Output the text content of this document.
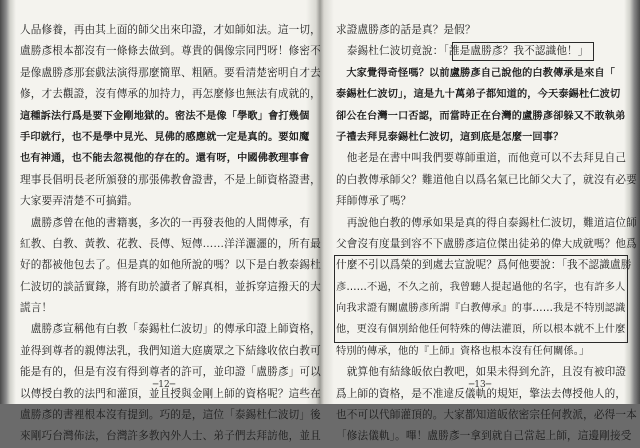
人品修養，再由其上面的師父出來印證，才如師如法。這一切，
盧勝彥根本都沒有一條條去做到。尊貴的偶像宗同門呀！修密不
是像盧勝彥那套戲法演得那麼簡單、粗陋。要看清楚密明自才去
修，才去觀證，沒有傳承的加持力，再怎麼修也無法有成就的，
這種訴法行爲是要下金剛地獄的。密法不是像「學歌」會打幾個
手印就行，也不是學中見光、見佛的感應就一定是真的。要如魔
也有神通，也不能去忽視他的存在的。還有呀，中國佛教理事會
理事長倡明長老所頒發的那張佛教會證書，不是上師資格證書，
大家要弄清楚不可搞錯。
　盧勝彥曾在他的書籍裏，多次的一再發表他的人間傳承，有
紅教、白教、黃教、花教、長傳、短傳……洋洋灑灑的，所有最
好的都被他包去了。但是真的如他所說的嗎？以下是白教泰錫杜
仁波切的談話實錄，將有助於讀者了解真相，並拆穿這撥天的大
謊言！
　盧勝彥宣稱他有白教「泰錫杜仁波切」的傳承印證上師資格，
並得到尊者的親傳法乳，我們知道大庭廣眾之下結緣收依白教可
能是有的，但是有沒有得到尊者的許可，並印證「盧勝彥」可以
以傳授白教的法門和灌頂，並且授與金剛上師的資格呢？這些在
盧勝彥的書裡根本沒有提到。巧的是，這位「泰錫杜仁波切」後
來剛巧台灣佈法，台灣許多教內外人士、弟子們去拜訪他，並且
─12─
求證盧勝彥的話是真？是假？
　泰錫杜仁波切竟說：「誰是盧勝彥？我不認識他！」
　大家覺得奇怪嗎？以前盧勝彥自己說他的白教傳承是來自「
泰錫杜仁波切」，這是九十萬弟子都知道的，今天泰錫杜仁波切
卻公在台灣一口否認，而當時正在台灣的盧勝彥卻躲又不敢執弟
子禮去拜見泰錫杜仁波切，這到底是怎麼一回事？
　他老是在書中叫我們要尊師重道，而他竟可以不去拜見自己
的白教傳承師父？難道他自以爲名氣已比師父大了，就沒有必要
拜師傳承了嗎？
　再說他白教的傳承如果是真的得自泰錫杜仁波切，難道這位師
父會沒有度量到容不下盧勝彥這位傑出徒弟的偉大成就嗎？他爲
什麼不引以爲榮的到處去宣說呢？爲何他要說：「我不認識盧勝
彥……不過，不久之前，我曾聽人提起過他的名字，也有許多人
向我求證有關盧勝彥所謂『白教傳承』的事……我是不特別認識
他，更沒有個別給他任何特殊的傳法灌頂，所以根本就不上什麼
特別的傳承，他的『上師』資格也根本沒有任何關係。」
　就算他有結緣皈依白教吧，如果未得到允許，且沒有被印證
爲上師的資格，是不准違反儀軌的規矩，擎法去傳授他人的，
也不可以代師灌頂的。大家都知道皈依密宗任何教派，必得一本
「修法儀軌」。嗶！盧勝彥一拿到就自己當起上師，這邊剛接受
─13─
